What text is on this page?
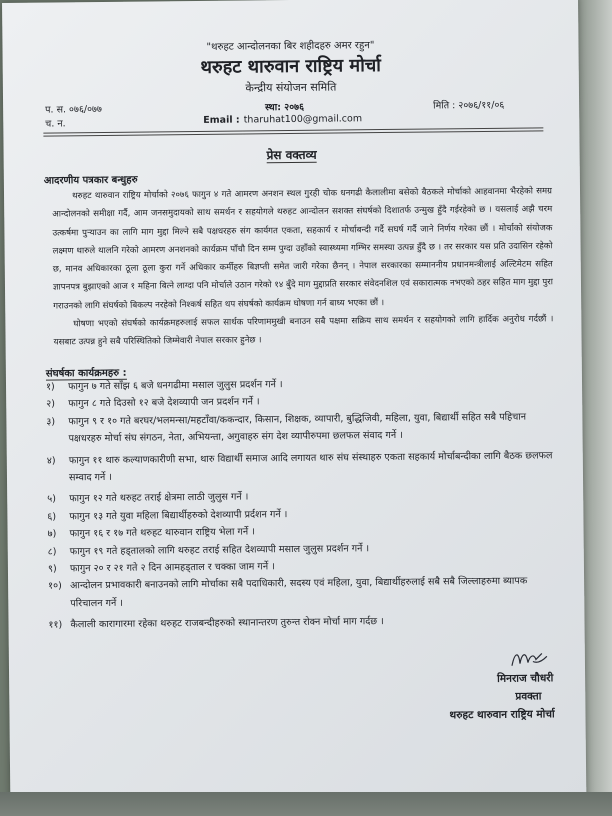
"थरुहट आन्दोलनका बिर शहीदहरु अमर रहुन"
थरुहट थारुवान राष्ट्रिय मोर्चा
केन्द्रीय संयोजन समिति
प. स. ०७६/०७७
च. न.
स्था: २०७६	मिति : २०७६/११/०६
Email : tharuhat100@gmail.com
प्रेस वक्तव्य
आदरणीय पत्रकार बन्धुहरु

थरुहट थारुवान राष्ट्रिय मोर्चाको २०७६ फागुन ४ गते आमरण अनशन स्थल गुरही चोक धनगढी कैलालीमा बसेको बैठकले मोर्चाको आहवानमा भैरहेको समग्र आन्दोलनको समीक्षा गर्दै, आम जनसमुदायको साथ समर्थन र सहयोगले थरुहट आन्दोलन सशक्त संघर्षको दिशातर्फ उन्मुख हुँदै गईरहेको छ । यसलाई अझै चरम उत्कर्षमा पुऱ्याउन का लागि माग मुद्दा मिल्ने सबै पक्षधरहरु संग कार्यगत एकता, सहकार्य र मोर्चाबन्दी गर्दै सघर्ष गर्दै जाने निर्णय गरेका छौं । मोर्चाको संयोजक लक्ष्मण थारुले थालनि गरेको आमरण अनशनको कार्यक्रम पाँचौ दिन सम्म पुग्दा उहाँको स्वास्थ्यमा गम्भिर समस्या उत्पन्न हुँदै छ । तर सरकार यस प्रति उदासिन रहेको छ, मानव अधिकारका ठूला ठूला कुरा गर्ने अधिकार कर्मीहरु बिज्ञप्ती समेत जारी गरेका छैनन् । नेपाल सरकारका सम्माननीय प्रधानमन्त्रीलाई अल्टिमेटम सहित ज्ञापनपत्र बुझाएको आज १ महिना बित्ने लाग्दा पनि मोर्चाले उठान गरेको १४ बुँदे माग मुद्दाप्रति सरकार संवेदनशिल एवं सकारात्मक नभएको ठहर सहित माग मुद्दा पुरा गराउनको लागि संघर्षको बिकल्प नरहेको निश्कर्ष सहित थप संघर्षको कार्यक्रम घोषणा गर्न बाध्य भएका छौं ।

घोषणा भएको संघर्षको कार्यक्रमहरुलाई सफल सार्थक परिणाममुखी बनाउन सबै पक्षमा सक्रिय साथ समर्थन र सहयोगको लागि हार्दिक अनुरोध गर्दछौं । यसबाट उत्पन्न हुने सबै परिस्थितिको जिम्मेवारी नेपाल सरकार हुनेछ ।

संघर्षका कार्यक्रमहरु :
१)	फागुन ७ गते साँझ ६ बजे धनगढीमा मसाल जुलुस प्रदर्शन गर्ने ।
२)	फागुन ८ गते दिउसो १२ बजे देशव्यापी जन प्रदर्शन गर्ने ।
३)	फागुन ९ र १० गते बरघर/भलमन्सा/महटाँवा/ककन्दार, किसान, शिक्षक, व्यापारी, बुद्धिजिवी, महिला, युवा, बिद्यार्थी सहित सबै पहिचान पक्षधरहरु मोर्चा संघ संगठन, नेता, अभियन्ता, अगुवाहरु संग देश व्यापीरुपमा छलफल संवाद गर्ने ।
४)	फागुन ११ थारु कल्याणकारीणी सभा, थारु विद्यार्थी समाज आदि लगायत थारु संघ संस्थाहरु एकता सहकार्य मोर्चाबन्दीका लागि बैठक छलफल सम्वाद गर्ने ।
५)	फागुन १२ गते थरुहट तराई क्षेत्रमा लाठी जुलुस गर्ने ।
६)	फागुन १३ गते युवा महिला बिद्यार्थीहरुको देशव्यापी प्रर्दशन गर्ने ।
७)	फागुन १६ र १७ गते थरुहट थारुवान राष्ट्रिय भेला गर्ने ।
८)	फागुन १९ गते हड्तालको लागि थरुहट तराई सहित देशव्यापी मसाल जुलुस प्रदर्शन गर्ने ।
९)	फागुन २० र २१ गते २ दिन आमहड्ताल र चक्का जाम गर्ने ।
१०) आन्दोलन प्रभावकारी बनाउनको लागि मोर्चाका सबै पदाधिकारी, सदस्य एवं महिला, युवा, बिद्यार्थीहरुलाई सबै सबै जिल्लाहरुमा ब्यापक परिचालन गर्ने ।
११) कैलाली कारागारमा रहेका थरुहट राजबन्दीहरुको स्थानान्तरण तुरुन्त रोक्न मोर्चा माग गर्दछ ।
मिनराज चौधरी
प्रवक्ता
थरुहट थारुवान राष्ट्रिय मोर्चा
